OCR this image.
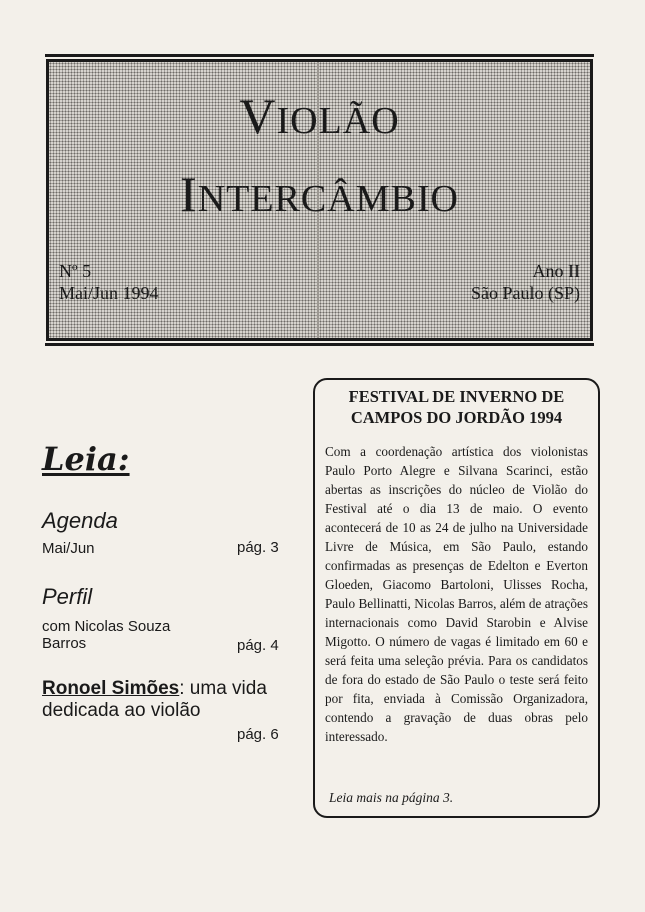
VIOLÃO
INTERCÂMBIO
Nº 5
Mai/Jun 1994
Ano II
São Paulo (SP)
Leia:
Agenda
Mai/Jun	pág. 3
Perfil
com Nicolas Souza
Barros	pág. 4
Ronoel Simões: uma vida
dedicada ao violão
pág. 6
FESTIVAL DE INVERNO DE
CAMPOS DO JORDÃO 1994
Com a coordenação artística dos violonistas Paulo Porto Alegre e Silvana Scarinci, estão abertas as inscrições do núcleo de Violão do Festival até o dia 13 de maio. O evento acontecerá de 10 as 24 de julho na Universidade Livre de Música, em São Paulo, estando confirmadas as presenças de Edelton e Everton Gloeden, Giacomo Bartoloni, Ulisses Rocha, Paulo Bellinatti, Nicolas Barros, além de atrações internacionais como David Starobin e Alvise Migotto. O número de vagas é limitado em 60 e será feita uma seleção prévia. Para os candidatos de fora do estado de São Paulo o teste será feito por fita, enviada à Comissão Organizadora, contendo a gravação de duas obras pelo interessado.
Leia mais na página 3.
